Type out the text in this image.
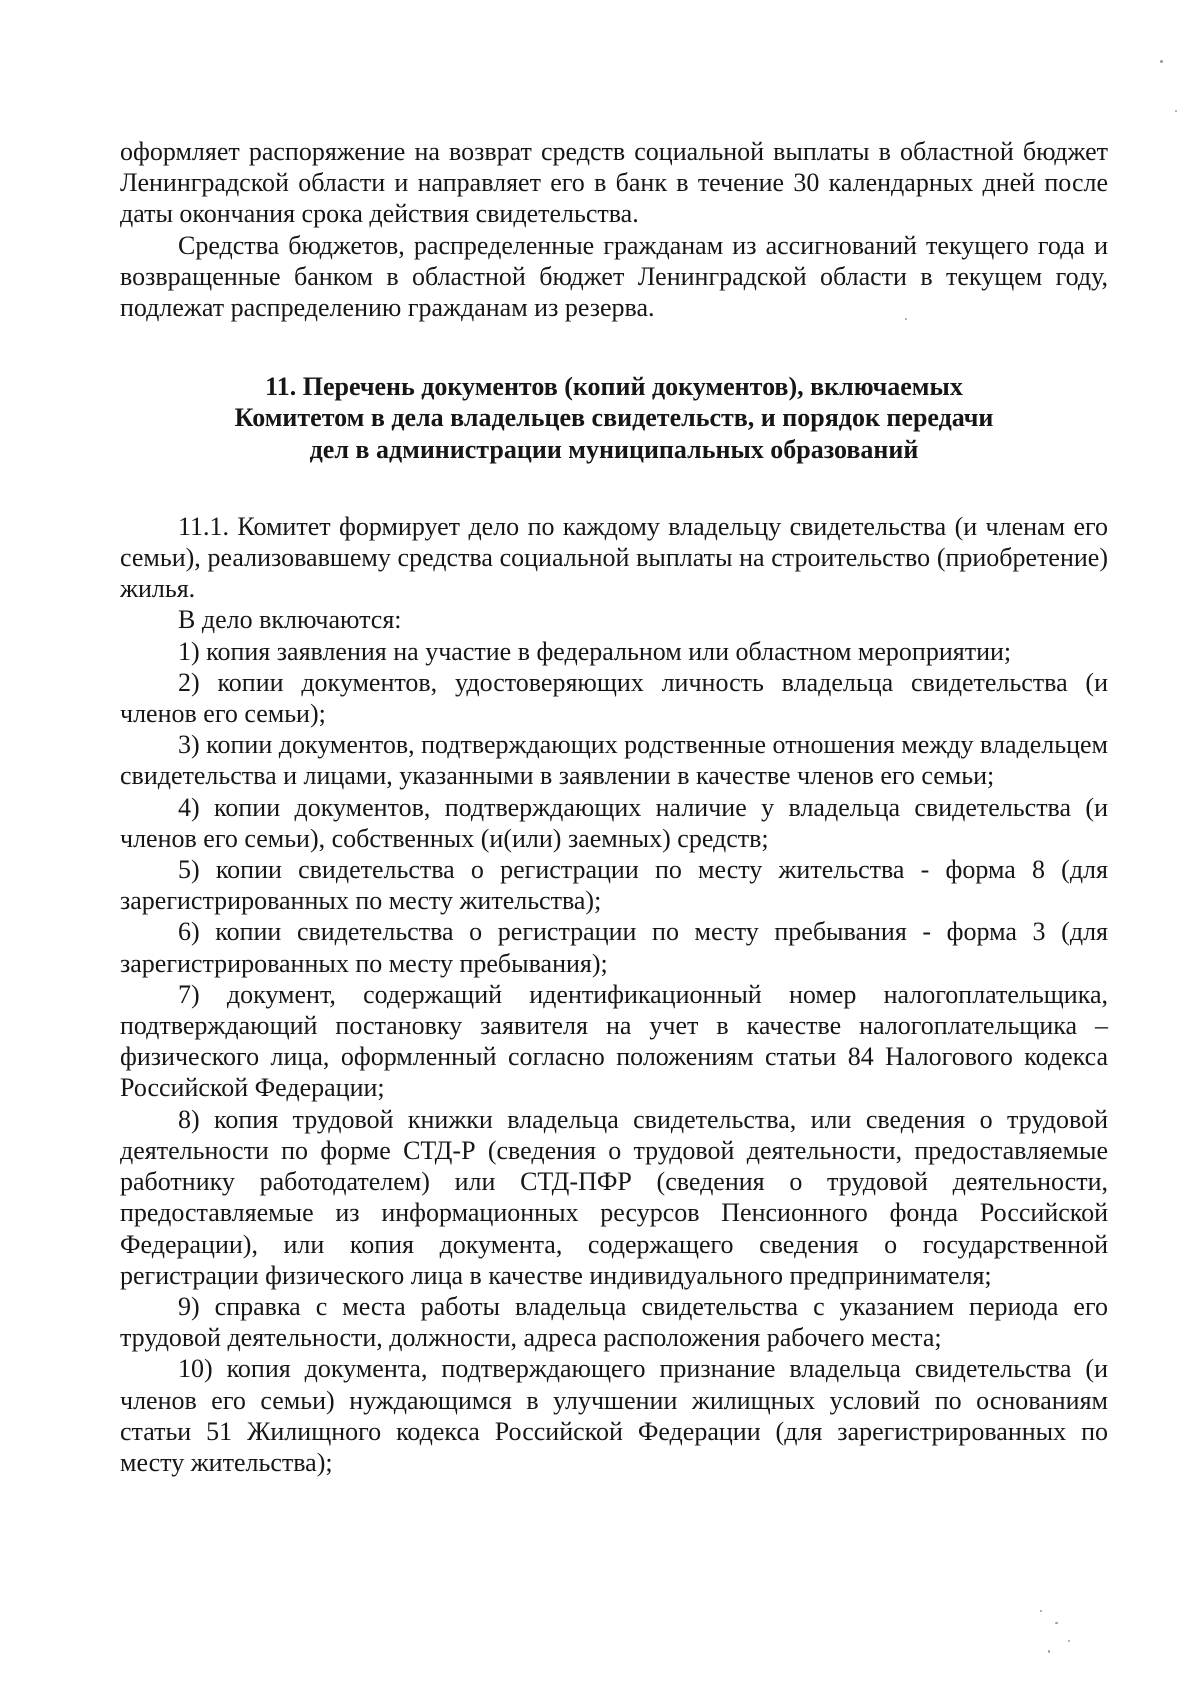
оформляет распоряжение на возврат средств социальной выплаты в областной бюджет Ленинградской области и направляет его в банк в течение 30 календарных дней после даты окончания срока действия свидетельства.

Средства бюджетов, распределенные гражданам из ассигнований текущего года и возвращенные банком в областной бюджет Ленинградской области в текущем году, подлежат распределению гражданам из резерва.

11. Перечень документов (копий документов), включаемых
Комитетом в дела владельцев свидетельств, и порядок передачи
дел в администрации муниципальных образований

11.1. Комитет формирует дело по каждому владельцу свидетельства (и членам его семьи), реализовавшему средства социальной выплаты на строительство (приобретение) жилья.

В дело включаются:

1) копия заявления на участие в федеральном или областном мероприятии;

2) копии документов, удостоверяющих личность владельца свидетельства (и членов его семьи);

3) копии документов, подтверждающих родственные отношения между владельцем свидетельства и лицами, указанными в заявлении в качестве членов его семьи;

4) копии документов, подтверждающих наличие у владельца свидетельства (и членов его семьи), собственных (и(или) заемных) средств;

5) копии свидетельства о регистрации по месту жительства - форма 8 (для зарегистрированных по месту жительства);

6) копии свидетельства о регистрации по месту пребывания - форма 3 (для зарегистрированных по месту пребывания);

7) документ, содержащий идентификационный номер налогоплательщика, подтверждающий постановку заявителя на учет в качестве налогоплательщика – физического лица, оформленный согласно положениям статьи 84 Налогового кодекса Российской Федерации;

8) копия трудовой книжки владельца свидетельства, или сведения о трудовой деятельности по форме СТД-Р (сведения о трудовой деятельности, предоставляемые работнику работодателем) или СТД-ПФР (сведения о трудовой деятельности, предоставляемые из информационных ресурсов Пенсионного фонда Российской Федерации), или копия документа, содержащего сведения о государственной регистрации физического лица в качестве индивидуального предпринимателя;

9) справка с места работы владельца свидетельства с указанием периода его трудовой деятельности, должности, адреса расположения рабочего места;

10) копия документа, подтверждающего признание владельца свидетельства (и членов его семьи) нуждающимся в улучшении жилищных условий по основаниям статьи 51 Жилищного кодекса Российской Федерации (для зарегистрированных по месту жительства);
